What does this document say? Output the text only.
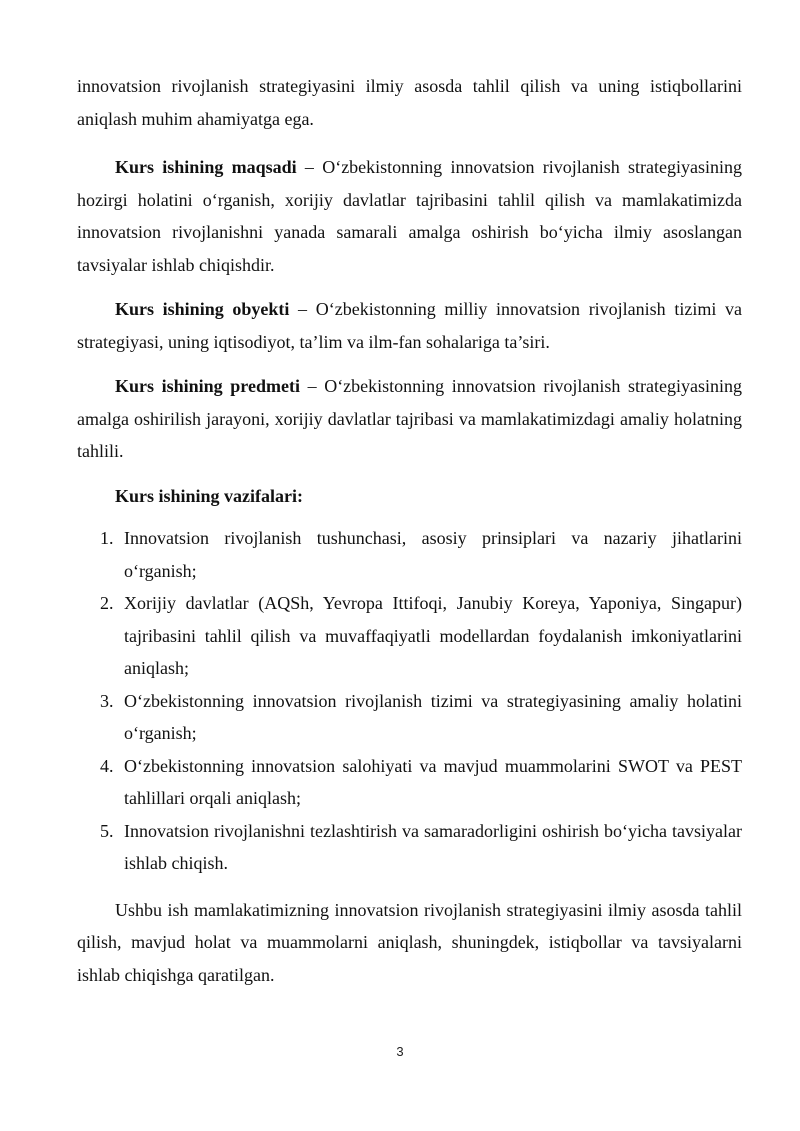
innovatsion rivojlanish strategiyasini ilmiy asosda tahlil qilish va uning istiqbollarini aniqlash muhim ahamiyatga ega.

Kurs ishining maqsadi – O‘zbekistonning innovatsion rivojlanish strategiyasining hozirgi holatini o‘rganish, xorijiy davlatlar tajribasini tahlil qilish va mamlakatimizda innovatsion rivojlanishni yanada samarali amalga oshirish bo‘yicha ilmiy asoslangan tavsiyalar ishlab chiqishdir.

Kurs ishining obyekti – O‘zbekistonning milliy innovatsion rivojlanish tizimi va strategiyasi, uning iqtisodiyot, ta’lim va ilm-fan sohalariga ta’siri.

Kurs ishining predmeti – O‘zbekistonning innovatsion rivojlanish strategiyasining amalga oshirilish jarayoni, xorijiy davlatlar tajribasi va mamlakatimizdagi amaliy holatning tahlili.

Kurs ishining vazifalari:

1. Innovatsion rivojlanish tushunchasi, asosiy prinsiplari va nazariy jihatlarini o‘rganish;
2. Xorijiy davlatlar (AQSh, Yevropa Ittifoqi, Janubiy Koreya, Yaponiya, Singapur) tajribasini tahlil qilish va muvaffaqiyatli modellardan foydalanish imkoniyatlarini aniqlash;
3. O‘zbekistonning innovatsion rivojlanish tizimi va strategiyasining amaliy holatini o‘rganish;
4. O‘zbekistonning innovatsion salohiyati va mavjud muammolarini SWOT va PEST tahlillari orqali aniqlash;
5. Innovatsion rivojlanishni tezlashtirish va samaradorligini oshirish bo‘yicha tavsiyalar ishlab chiqish.

Ushbu ish mamlakatimizning innovatsion rivojlanish strategiyasini ilmiy asosda tahlil qilish, mavjud holat va muammolarni aniqlash, shuningdek, istiqbollar va tavsiyalarni ishlab chiqishga qaratilgan.

3
